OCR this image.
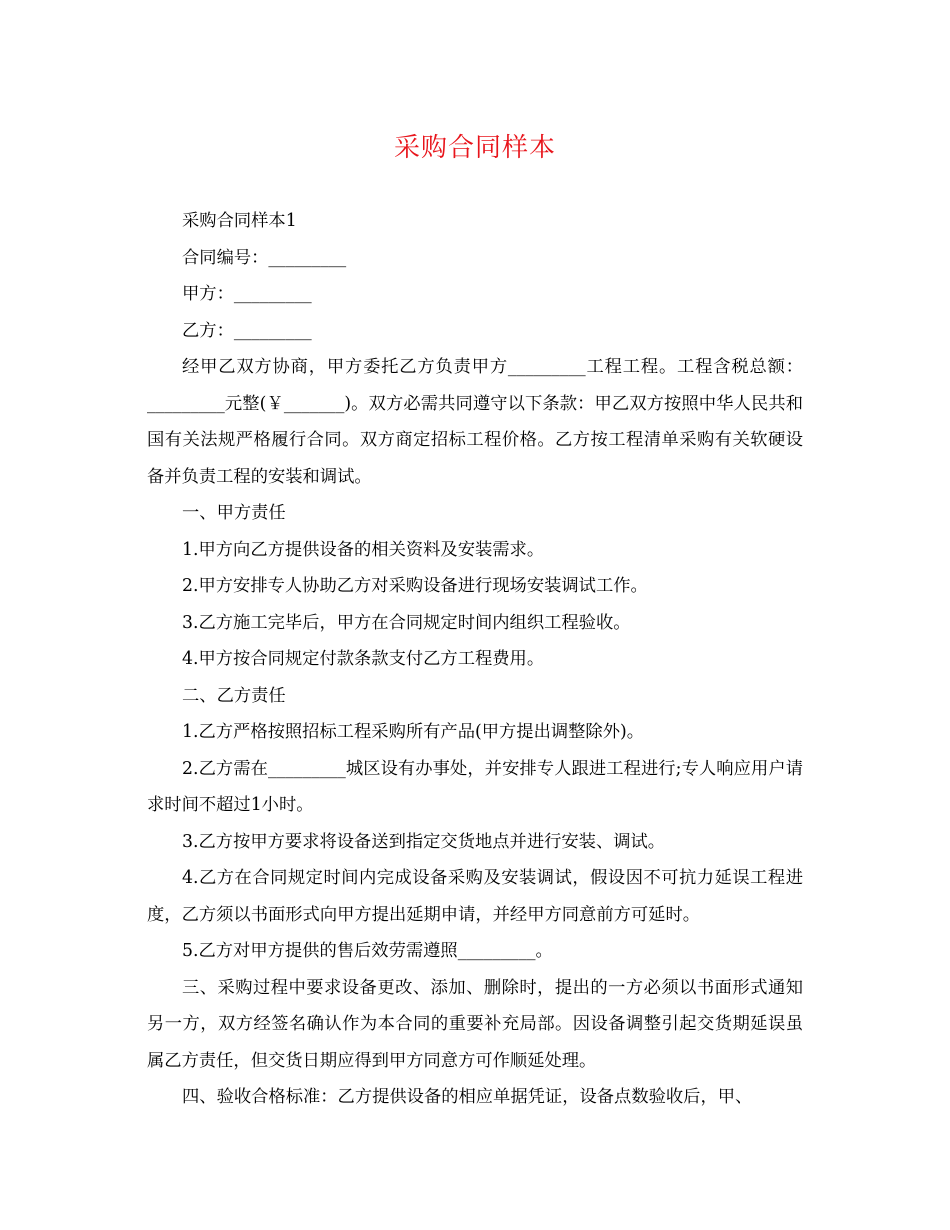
采购合同样本

采购合同样本1

合同编号：_________

甲方：_________

乙方：_________

经甲乙双方协商，甲方委托乙方负责甲方_________工程工程。工程含税总额：_________元整(￥_______)。双方必需共同遵守以下条款：甲乙双方按照中华人民共和国有关法规严格履行合同。双方商定招标工程价格。乙方按工程清单采购有关软硬设备并负责工程的安装和调试。

一、甲方责任

1.甲方向乙方提供设备的相关资料及安装需求。

2.甲方安排专人协助乙方对采购设备进行现场安装调试工作。

3.乙方施工完毕后，甲方在合同规定时间内组织工程验收。

4.甲方按合同规定付款条款支付乙方工程费用。

二、乙方责任

1.乙方严格按照招标工程采购所有产品(甲方提出调整除外)。

2.乙方需在_________城区设有办事处，并安排专人跟进工程进行;专人响应用户请求时间不超过1小时。

3.乙方按甲方要求将设备送到指定交货地点并进行安装、调试。

4.乙方在合同规定时间内完成设备采购及安装调试，假设因不可抗力延误工程进度，乙方须以书面形式向甲方提出延期申请，并经甲方同意前方可延时。

5.乙方对甲方提供的售后效劳需遵照_________。

三、采购过程中要求设备更改、添加、删除时，提出的一方必须以书面形式通知另一方，双方经签名确认作为本合同的重要补充局部。因设备调整引起交货期延误虽属乙方责任，但交货日期应得到甲方同意方可作顺延处理。

四、验收合格标准：乙方提供设备的相应单据凭证，设备点数验收后，甲、
